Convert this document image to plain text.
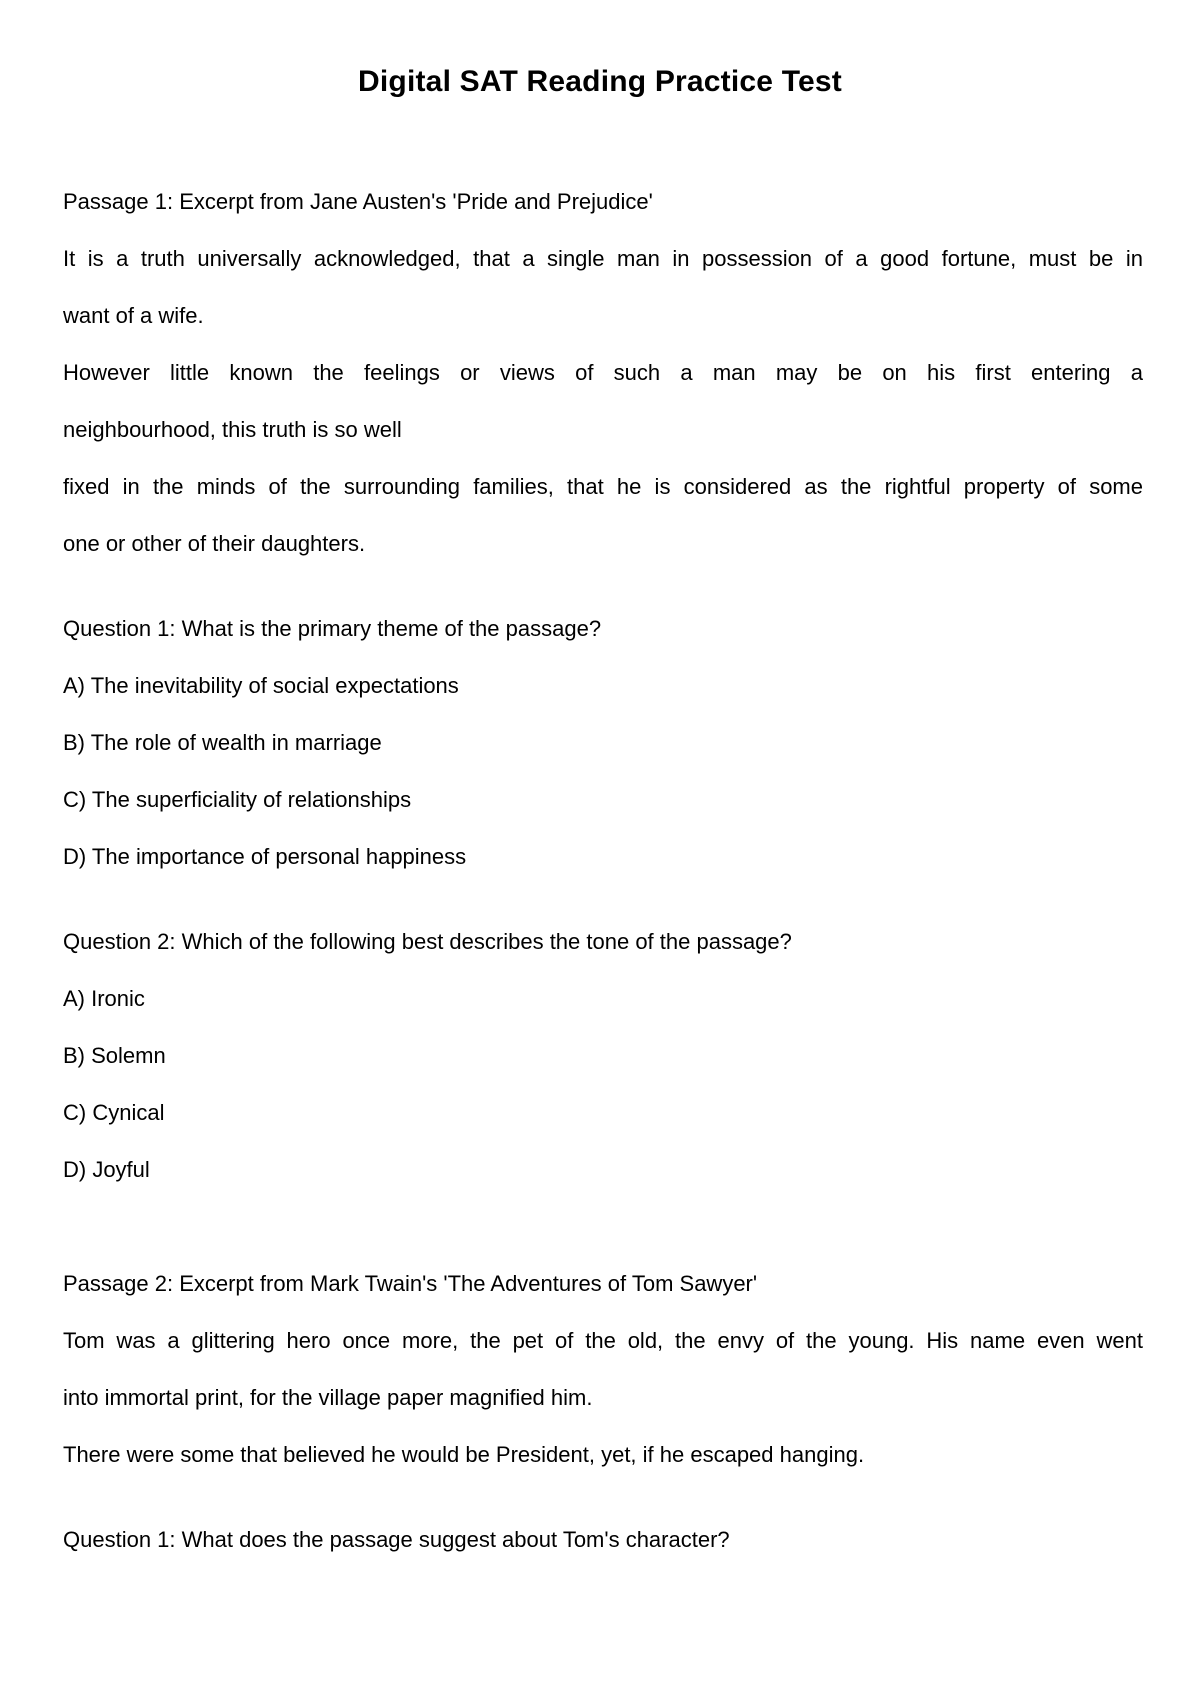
Digital SAT Reading Practice Test
Passage 1: Excerpt from Jane Austen's 'Pride and Prejudice'
It is a truth universally acknowledged, that a single man in possession of a good fortune, must be in
want of a wife.
However little known the feelings or views of such a man may be on his first entering a
neighbourhood, this truth is so well
fixed in the minds of the surrounding families, that he is considered as the rightful property of some
one or other of their daughters.
Question 1: What is the primary theme of the passage?
A) The inevitability of social expectations
B) The role of wealth in marriage
C) The superficiality of relationships
D) The importance of personal happiness
Question 2: Which of the following best describes the tone of the passage?
A) Ironic
B) Solemn
C) Cynical
D) Joyful
Passage 2: Excerpt from Mark Twain's 'The Adventures of Tom Sawyer'
Tom was a glittering hero once more, the pet of the old, the envy of the young. His name even went
into immortal print, for the village paper magnified him.
There were some that believed he would be President, yet, if he escaped hanging.
Question 1: What does the passage suggest about Tom's character?
